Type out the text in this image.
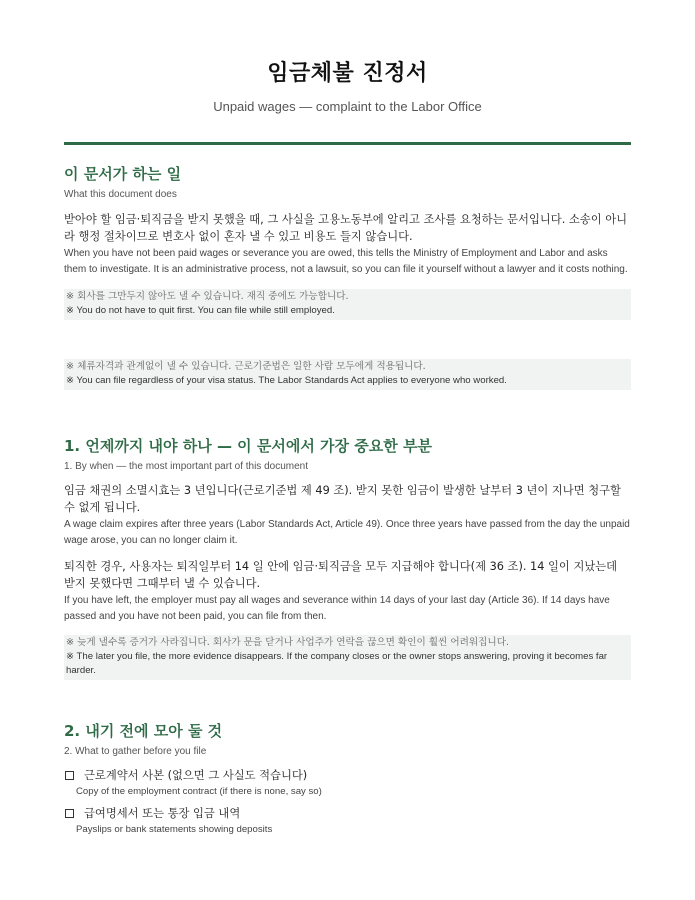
임금체불 진정서
Unpaid wages — complaint to the Labor Office
이 문서가 하는 일
What this document does
받아야 할 임금·퇴직금을 받지 못했을 때, 그 사실을 고용노동부에 알리고 조사를 요청하는 문서입니다. 소송이 아니라 행정 절차이므로 변호사 없이 혼자 낼 수 있고 비용도 들지 않습니다.
When you have not been paid wages or severance you are owed, this tells the Ministry of Employment and Labor and asks them to investigate. It is an administrative process, not a lawsuit, so you can file it yourself without a lawyer and it costs nothing.
※ 회사를 그만두지 않아도 낼 수 있습니다. 재직 중에도 가능합니다.
※ You do not have to quit first. You can file while still employed.
※ 체류자격과 관계없이 낼 수 있습니다. 근로기준법은 일한 사람 모두에게 적용됩니다.
※ You can file regardless of your visa status. The Labor Standards Act applies to everyone who worked.
1. 언제까지 내야 하나 — 이 문서에서 가장 중요한 부분
1. By when — the most important part of this document
임금 채권의 소멸시효는 3 년입니다(근로기준법 제 49 조). 받지 못한 임금이 발생한 날부터 3 년이 지나면 청구할 수 없게 됩니다.
A wage claim expires after three years (Labor Standards Act, Article 49). Once three years have passed from the day the unpaid wage arose, you can no longer claim it.
퇴직한 경우, 사용자는 퇴직일부터 14 일 안에 임금·퇴직금을 모두 지급해야 합니다(제 36 조). 14 일이 지났는데 받지 못했다면 그때부터 낼 수 있습니다.
If you have left, the employer must pay all wages and severance within 14 days of your last day (Article 36). If 14 days have passed and you have not been paid, you can file from then.
※ 늦게 낼수록 증거가 사라집니다. 회사가 문을 닫거나 사업주가 연락을 끊으면 확인이 훨씬 어려워집니다.
※ The later you file, the more evidence disappears. If the company closes or the owner stops answering, proving it becomes far harder.
2. 내기 전에 모아 둘 것
2. What to gather before you file
근로계약서 사본 (없으면 그 사실도 적습니다)
Copy of the employment contract (if there is none, say so)
급여명세서 또는 통장 입금 내역
Payslips or bank statements showing deposits
